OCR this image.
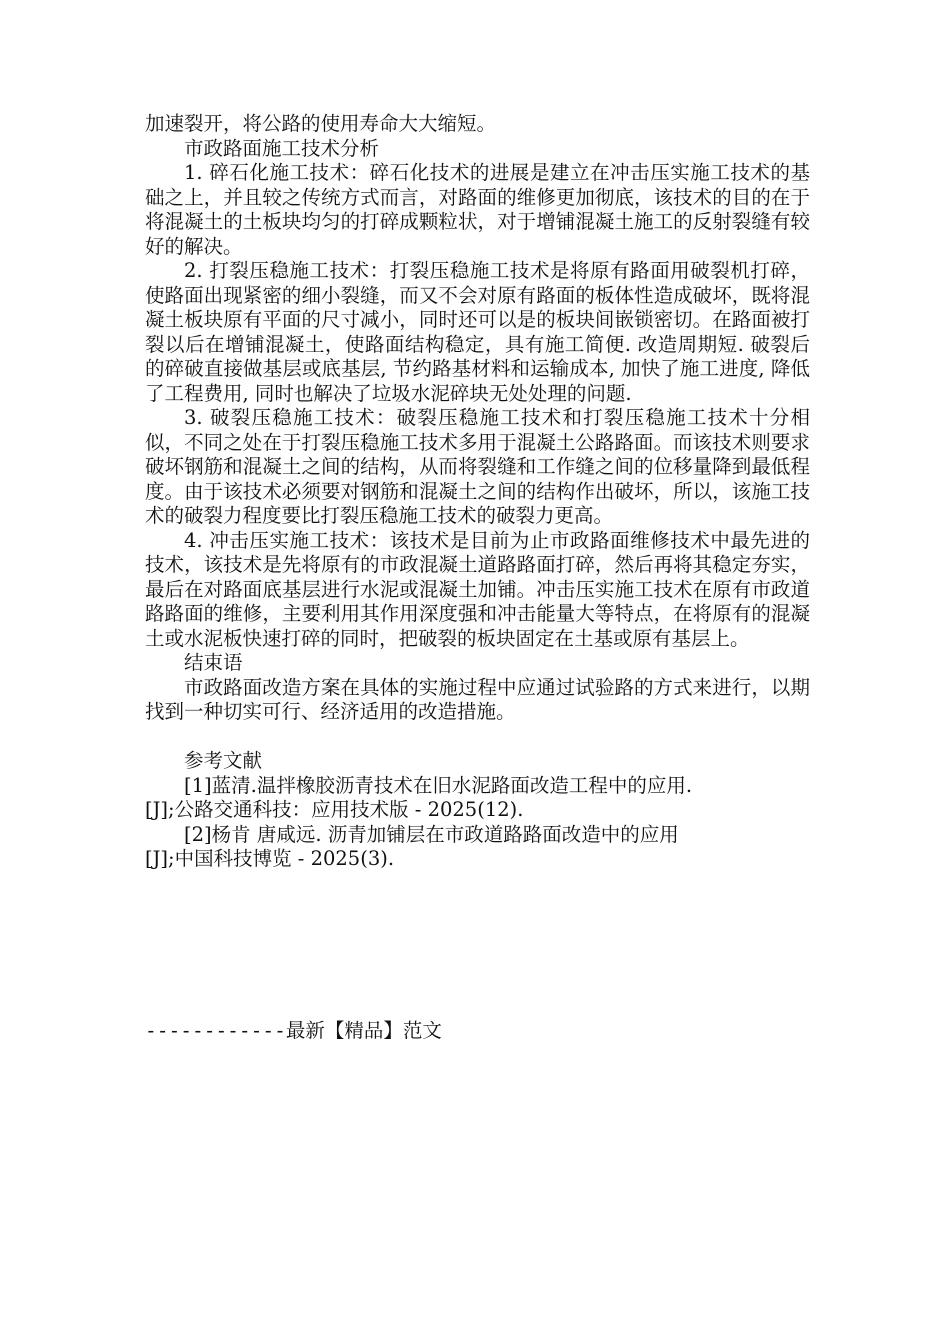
加速裂开，将公路的使用寿命大大缩短。

市政路面施工技术分析

1. 碎石化施工技术：碎石化技术的进展是建立在冲击压实施工技术的基础之上，并且较之传统方式而言，对路面的维修更加彻底，该技术的目的在于将混凝土的土板块均匀的打碎成颗粒状，对于增铺混凝土施工的反射裂缝有较好的解决。

2. 打裂压稳施工技术：打裂压稳施工技术是将原有路面用破裂机打碎，使路面出现紧密的细小裂缝，而又不会对原有路面的板体性造成破坏，既将混凝土板块原有平面的尺寸减小，同时还可以是的板块间嵌锁密切。在路面被打裂以后在增铺混凝土，使路面结构稳定，具有施工简便. 改造周期短. 破裂后的碎破直接做基层或底基层, 节约路基材料和运输成本, 加快了施工进度, 降低了工程费用, 同时也解决了垃圾水泥碎块无处处理的问题.

3. 破裂压稳施工技术：破裂压稳施工技术和打裂压稳施工技术十分相似，不同之处在于打裂压稳施工技术多用于混凝土公路路面。而该技术则要求破坏钢筋和混凝土之间的结构，从而将裂缝和工作缝之间的位移量降到最低程度。由于该技术必须要对钢筋和混凝土之间的结构作出破坏，所以，该施工技术的破裂力程度要比打裂压稳施工技术的破裂力更高。

4. 冲击压实施工技术：该技术是目前为止市政路面维修技术中最先进的技术，该技术是先将原有的市政混凝土道路路面打碎，然后再将其稳定夯实，最后在对路面底基层进行水泥或混凝土加铺。冲击压实施工技术在原有市政道路路面的维修，主要利用其作用深度强和冲击能量大等特点，在将原有的混凝土或水泥板快速打碎的同时，把破裂的板块固定在土基或原有基层上。

结束语

市政路面改造方案在具体的实施过程中应通过试验路的方式来进行，以期找到一种切实可行、经济适用的改造措施。

参考文献

[1]蓝清.温拌橡胶沥青技术在旧水泥路面改造工程中的应用.

[J];公路交通科技：应用技术版 - 2025(12).

[2]杨肯 唐咸远. 沥青加铺层在市政道路路面改造中的应用

[J];中国科技博览 - 2025(3).

------------最新【精品】范文
